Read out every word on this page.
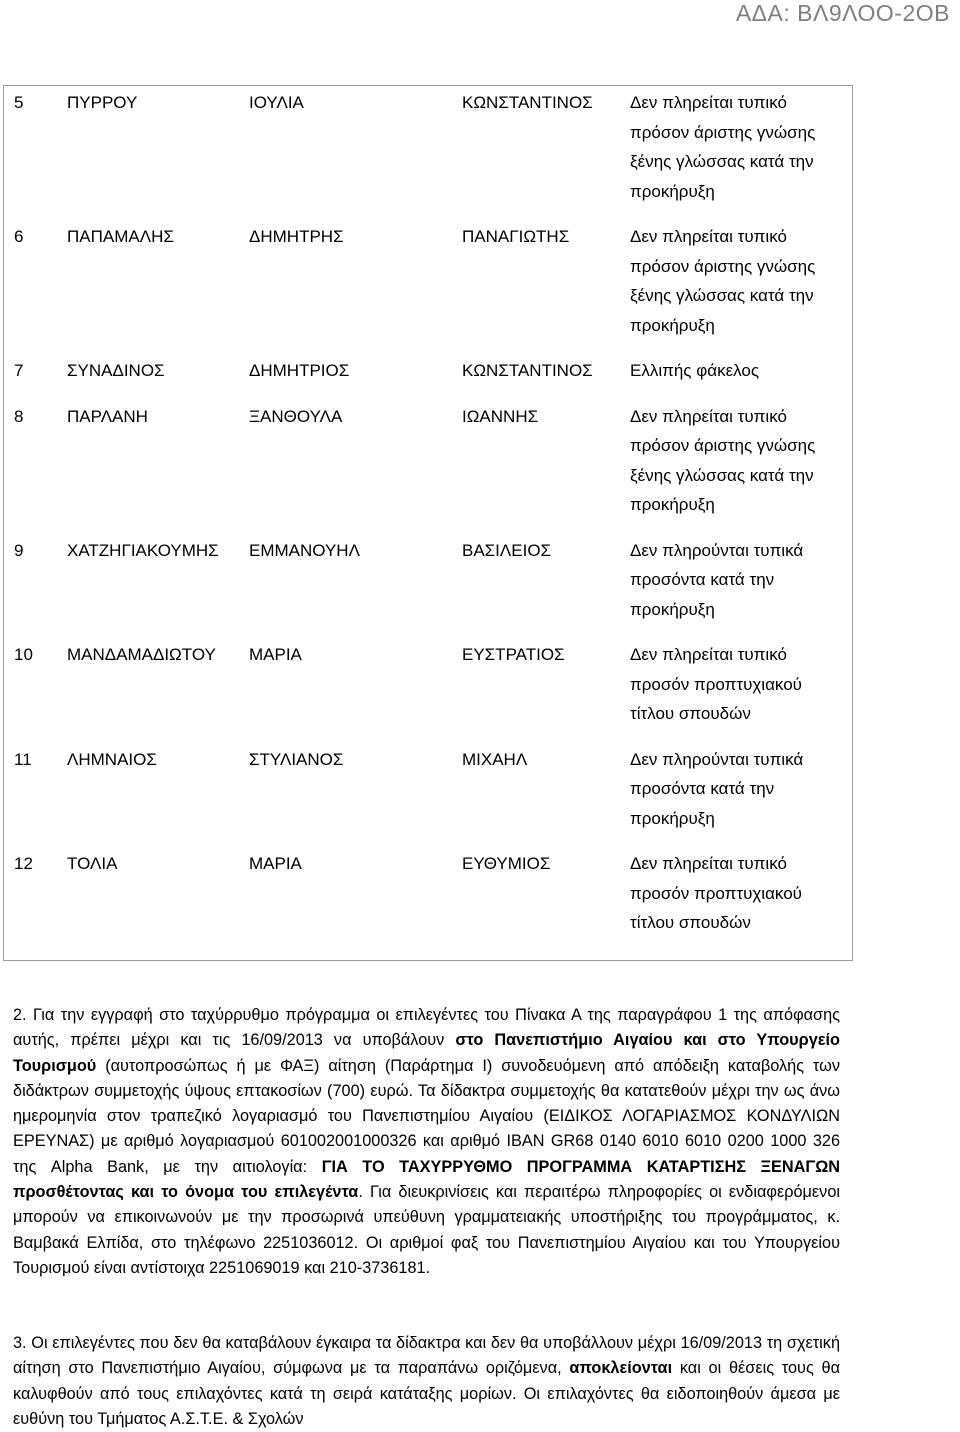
ΑΔΑ: ΒΛ9ΛΟΟ-2ΟΒ
5	ΠΥΡΡΟΥ	ΙΟΥΛΙΑ	ΚΩΝΣΤΑΝΤΙΝΟΣ	Δεν πληρείται τυπικό πρόσον άριστης γνώσης ξένης γλώσσας κατά την προκήρυξη
6	ΠΑΠΑΜΑΛΗΣ	ΔΗΜΗΤΡΗΣ	ΠΑΝΑΓΙΩΤΗΣ	Δεν πληρείται τυπικό πρόσον άριστης γνώσης ξένης γλώσσας κατά την προκήρυξη
7	ΣΥΝΑΔΙΝΟΣ	ΔΗΜΗΤΡΙΟΣ	ΚΩΝΣΤΑΝΤΙΝΟΣ	Ελλιπής φάκελος
8	ΠΑΡΛΑΝΗ	ΞΑΝΘΟΥΛΑ	ΙΩΑΝΝΗΣ	Δεν πληρείται τυπικό πρόσον άριστης γνώσης ξένης γλώσσας κατά την προκήρυξη
9	ΧΑΤΖΗΓΙΑΚΟΥΜΗΣ	ΕΜΜΑΝΟΥΗΛ	ΒΑΣΙΛΕΙΟΣ	Δεν πληρούνται τυπικά προσόντα κατά την προκήρυξη
10	ΜΑΝΔΑΜΑΔΙΩΤΟΥ	ΜΑΡΙΑ	ΕΥΣΤΡΑΤΙΟΣ	Δεν πληρείται τυπικό προσόν προπτυχιακού τίτλου σπουδών
11	ΛΗΜΝΑΙΟΣ	ΣΤΥΛΙΑΝΟΣ	ΜΙΧΑΗΛ	Δεν πληρούνται τυπικά προσόντα κατά την προκήρυξη
12	ΤΟΛΙΑ	ΜΑΡΙΑ	ΕΥΘΥΜΙΟΣ	Δεν πληρείται τυπικό προσόν προπτυχιακού τίτλου σπουδών
2. Για την εγγραφή στο ταχύρρυθμο πρόγραμμα οι επιλεγέντες του Πίνακα Α της παραγράφου 1 της απόφασης αυτής, πρέπει μέχρι και τις 16/09/2013 να υποβάλουν στο Πανεπιστήμιο Αιγαίου και στο Υπουργείο Τουρισμού (αυτοπροσώπως ή με ΦΑΞ) αίτηση (Παράρτημα Ι) συνοδευόμενη από απόδειξη καταβολής των διδάκτρων συμμετοχής ύψους επτακοσίων (700) ευρώ. Τα δίδακτρα συμμετοχής θα κατατεθούν μέχρι την ως άνω ημερομηνία στον τραπεζικό λογαριασμό του Πανεπιστημίου Αιγαίου (ΕΙΔΙΚΟΣ ΛΟΓΑΡΙΑΣΜΟΣ ΚΟΝΔΥΛΙΩΝ ΕΡΕΥΝΑΣ) με αριθμό λογαριασμού 601002001000326 και αριθμό IBAN GR68 0140 6010 6010 0200 1000 326 της Alpha Bank, με την αιτιολογία: ΓΙΑ ΤΟ ΤΑΧΥΡΡΥΘΜΟ ΠΡΟΓΡΑΜΜΑ ΚΑΤΑΡΤΙΣΗΣ ΞΕΝΑΓΩΝ προσθέτοντας και το όνομα του επιλεγέντα. Για διευκρινίσεις και περαιτέρω πληροφορίες οι ενδιαφερόμενοι μπορούν να επικοινωνούν με την προσωρινά υπεύθυνη γραμματειακής υποστήριξης του προγράμματος, κ. Βαμβακά Ελπίδα, στο τηλέφωνο 2251036012. Οι αριθμοί φαξ του Πανεπιστημίου Αιγαίου και του Υπουργείου Τουρισμού είναι αντίστοιχα 2251069019 και 210-3736181.
3. Οι επιλεγέντες που δεν θα καταβάλουν έγκαιρα τα δίδακτρα και δεν θα υποβάλλουν μέχρι 16/09/2013 τη σχετική αίτηση στο Πανεπιστήμιο Αιγαίου, σύμφωνα με τα παραπάνω οριζόμενα, αποκλείονται και οι θέσεις τους θα καλυφθούν από τους επιλαχόντες κατά τη σειρά κατάταξης μορίων. Οι επιλαχόντες θα ειδοποιηθούν άμεσα με ευθύνη του Τμήματος Α.Σ.Τ.Ε. & Σχολών
